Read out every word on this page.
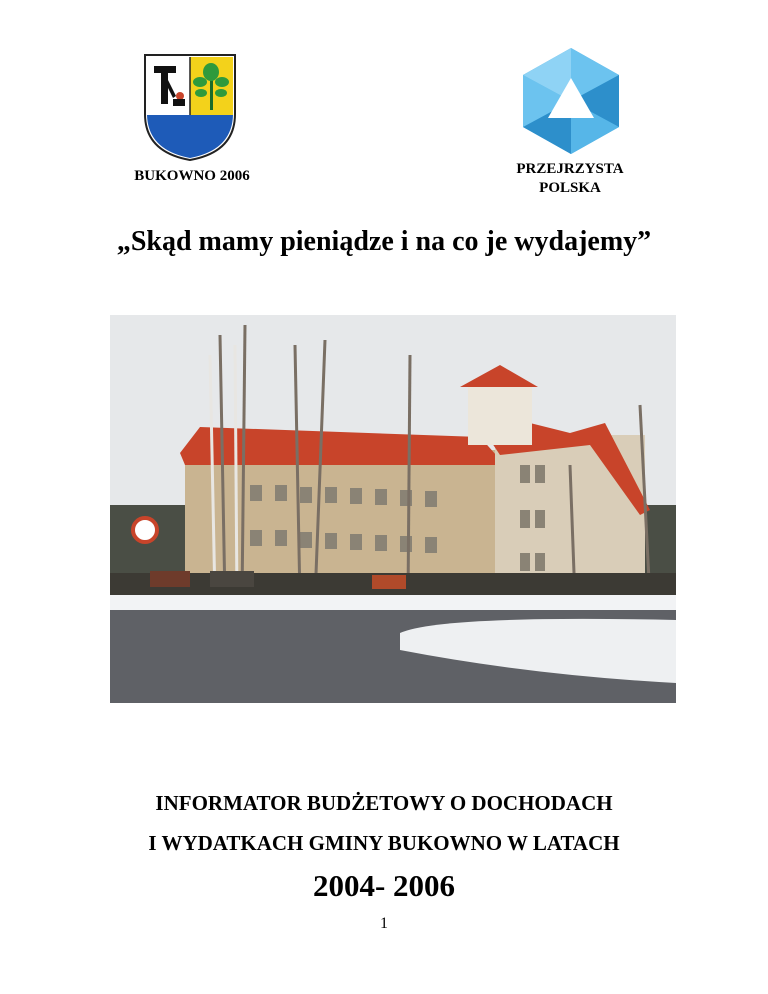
BUKOWNO 2006	PRZEJRZYSTA
POLSKA
„Skąd mamy pieniądze i na co je wydajemy”
INFORMATOR BUDŻETOWY O DOCHODACH
I WYDATKACH GMINY BUKOWNO W LATACH
2004- 2006
1
